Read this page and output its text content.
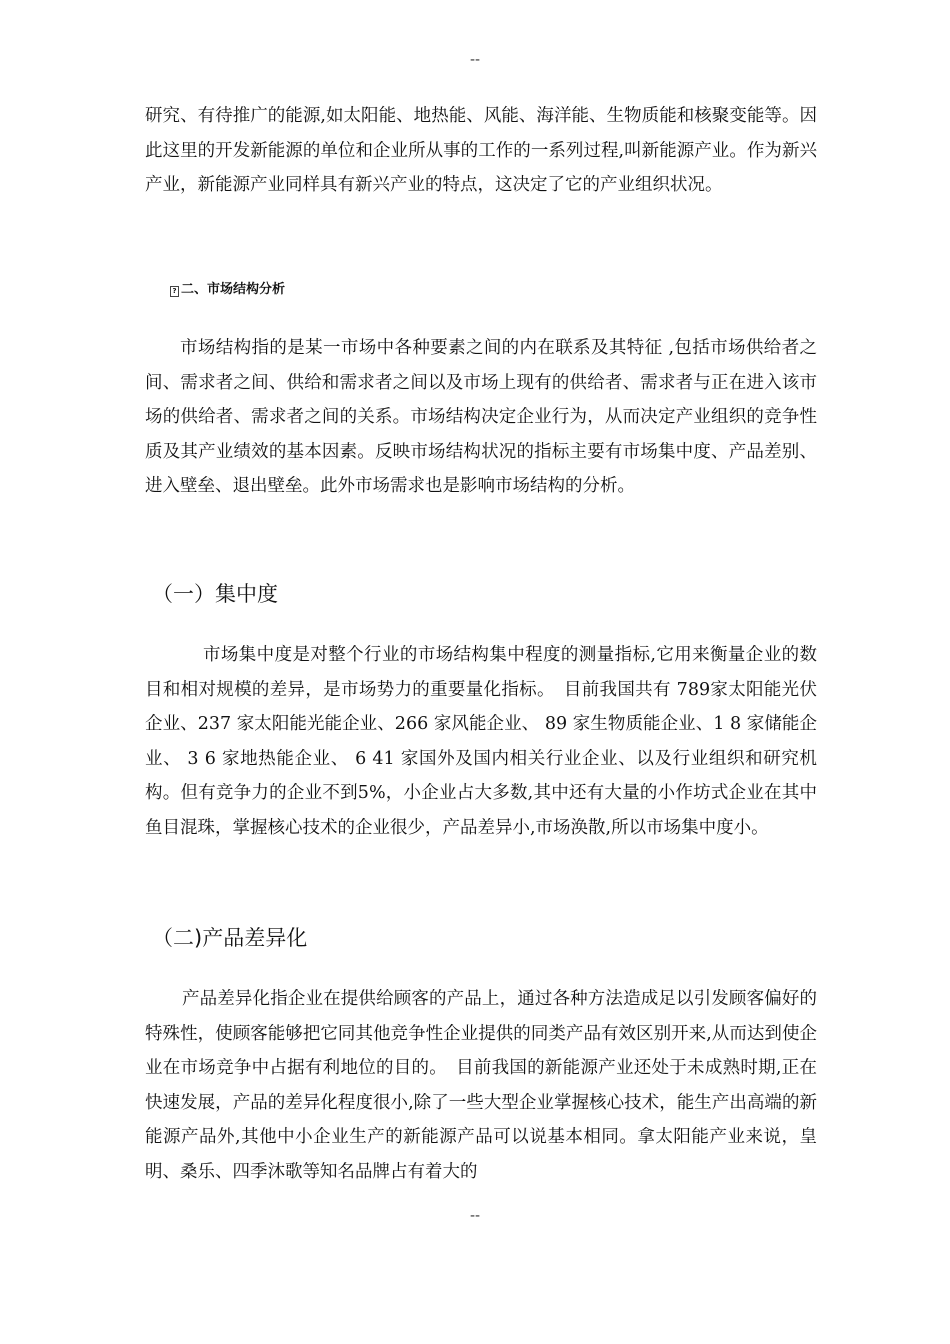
--

研究、有待推广的能源,如太阳能、地热能、风能、海洋能、生物质能和核聚变能等。因此这里的开发新能源的单位和企业所从事的工作的一系列过程,叫新能源产业。作为新兴产业，新能源产业同样具有新兴产业的特点，这决定了它的产业组织状况。

? 二、市场结构分析

市场结构指的是某一市场中各种要素之间的内在联系及其特征 ,包括市场供给者之间、需求者之间、供给和需求者之间以及市场上现有的供给者、需求者与正在进入该市场的供给者、需求者之间的关系。市场结构决定企业行为，从而决定产业组织的竞争性质及其产业绩效的基本因素。反映市场结构状况的指标主要有市场集中度、产品差别、进入壁垒、退出壁垒。此外市场需求也是影响市场结构的分析。

（一）集中度

市场集中度是对整个行业的市场结构集中程度的测量指标,它用来衡量企业的数目和相对规模的差异，是市场势力的重要量化指标。　目前我国共有 789家太阳能光伏企业、237 家太阳能光能企业、266 家风能企业、 89 家生物质能企业、1 8 家储能企业、 3 6 家地热能企业、 6 41 家国外及国内相关行业企业、以及行业组织和研究机构。但有竞争力的企业不到5%，小企业占大多数,其中还有大量的小作坊式企业在其中鱼目混珠，掌握核心技术的企业很少，产品差异小,市场涣散,所以市场集中度小。

（二)产品差异化

产品差异化指企业在提供给顾客的产品上，通过各种方法造成足以引发顾客偏好的特殊性，使顾客能够把它同其他竞争性企业提供的同类产品有效区别开来,从而达到使企业在市场竞争中占据有利地位的目的。　目前我国的新能源产业还处于未成熟时期,正在快速发展，产品的差异化程度很小,除了一些大型企业掌握核心技术，能生产出高端的新能源产品外,其他中小企业生产的新能源产品可以说基本相同。拿太阳能产业来说，皇明、桑乐、四季沐歌等知名品牌占有着大的

--
